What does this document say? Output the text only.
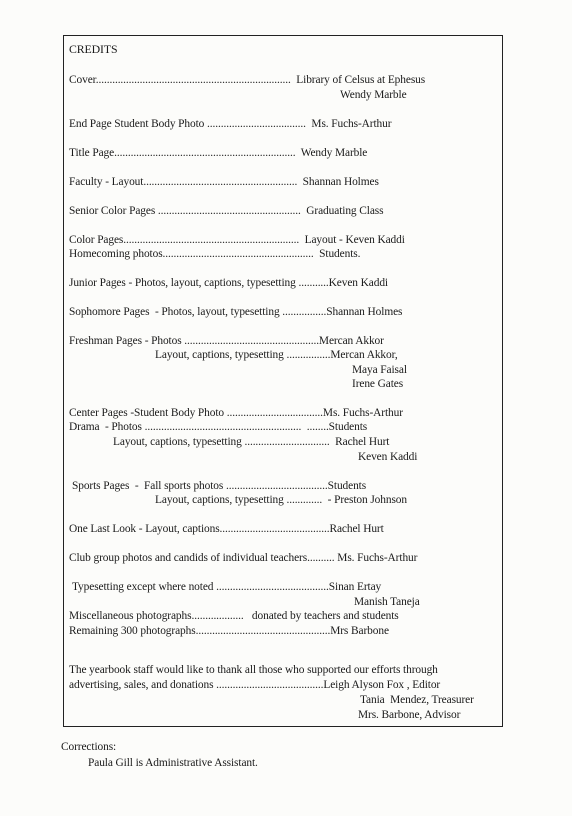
CREDITS
Cover.......................................................................  Library of Celsus at Ephesus
Wendy Marble
End Page Student Body Photo ....................................  Ms. Fuchs-Arthur
Title Page..................................................................  Wendy Marble
Faculty - Layout........................................................  Shannan Holmes
Senior Color Pages ....................................................  Graduating Class
Color Pages................................................................  Layout - Keven Kaddi
Homecoming photos.......................................................  Students.
Junior Pages - Photos, layout, captions, typesetting ...........Keven Kaddi
Sophomore Pages  - Photos, layout, typesetting ................Shannan Holmes
Freshman Pages - Photos .................................................Mercan Akkor
Layout, captions, typesetting ................Mercan Akkor,
Maya Faisal
Irene Gates
Center Pages -Student Body Photo ...................................Ms. Fuchs-Arthur
Drama  - Photos .........................................................  ........Students
Layout, captions, typesetting ...............................  Rachel Hurt
Keven Kaddi
Sports Pages  -  Fall sports photos .....................................Students
Layout, captions, typesetting .............  - Preston Johnson
One Last Look - Layout, captions........................................Rachel Hurt
Club group photos and candids of individual teachers.......... Ms. Fuchs-Arthur
Typesetting except where noted .........................................Sinan Ertay
Manish Taneja
Miscellaneous photographs...................   donated by teachers and students
Remaining 300 photographs.................................................Mrs Barbone
The yearbook staff would like to thank all those who supported our efforts through
advertising, sales, and donations .......................................Leigh Alyson Fox , Editor
Tania  Mendez, Treasurer
Mrs. Barbone, Advisor
Corrections:
Paula Gill is Administrative Assistant.
